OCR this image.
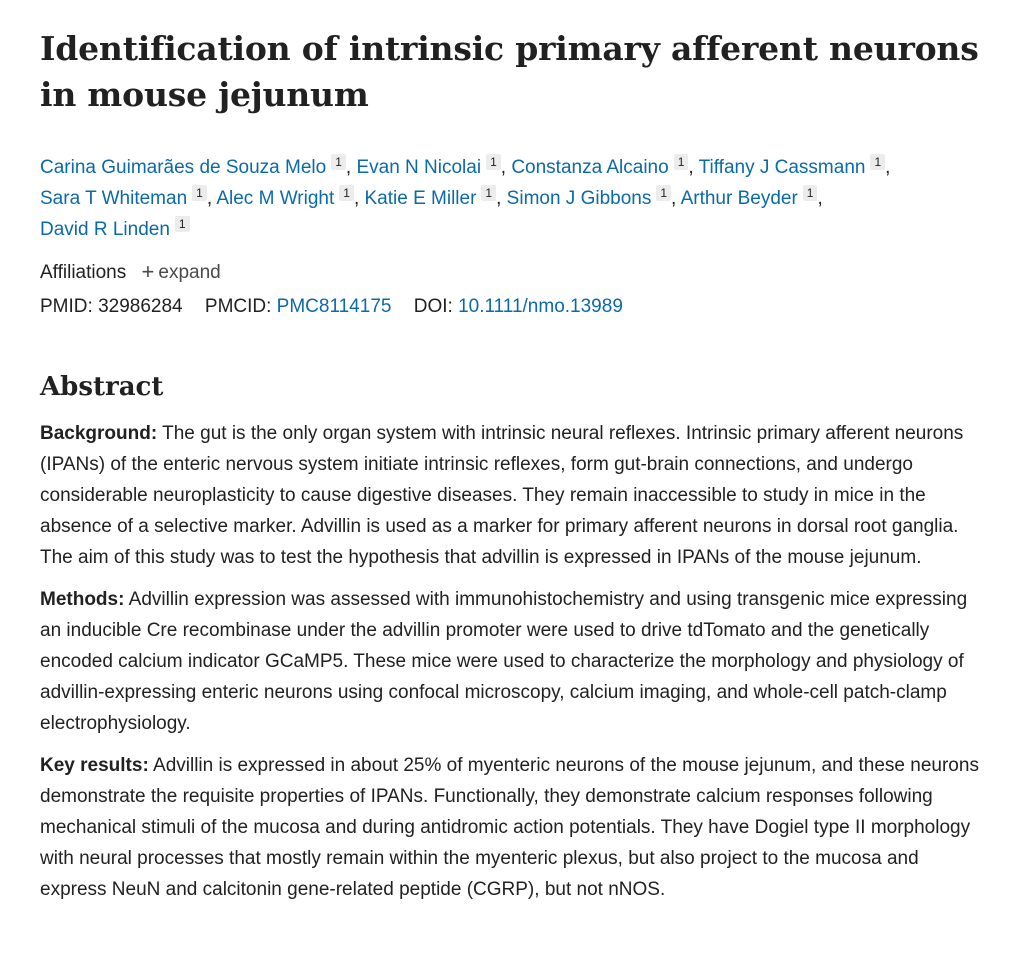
Identification of intrinsic primary afferent neurons
in mouse jejunum
Carina Guimarães de Souza Melo 1 , Evan N Nicolai 1 , Constanza Alcaino 1 , Tiffany J Cassmann 1 ,
Sara T Whiteman 1 , Alec M Wright 1 , Katie E Miller 1 , Simon J Gibbons 1 , Arthur Beyder 1 ,
David R Linden 1
Affiliations + expand
PMID: 32986284 PMCID: PMC8114175 DOI: 10.1111/nmo.13989
Abstract

Background: The gut is the only organ system with intrinsic neural reflexes. Intrinsic primary afferent neurons (IPANs) of the enteric nervous system initiate intrinsic reflexes, form gut-brain connections, and undergo considerable neuroplasticity to cause digestive diseases. They remain inaccessible to study in mice in the absence of a selective marker. Advillin is used as a marker for primary afferent neurons in dorsal root ganglia. The aim of this study was to test the hypothesis that advillin is expressed in IPANs of the mouse jejunum.

Methods: Advillin expression was assessed with immunohistochemistry and using transgenic mice expressing an inducible Cre recombinase under the advillin promoter were used to drive tdTomato and the genetically encoded calcium indicator GCaMP5. These mice were used to characterize the morphology and physiology of advillin-expressing enteric neurons using confocal microscopy, calcium imaging, and whole-cell patch-clamp electrophysiology.

Key results: Advillin is expressed in about 25% of myenteric neurons of the mouse jejunum, and these neurons demonstrate the requisite properties of IPANs. Functionally, they demonstrate calcium responses following mechanical stimuli of the mucosa and during antidromic action potentials. They have Dogiel type II morphology with neural processes that mostly remain within the myenteric plexus, but also project to the mucosa and express NeuN and calcitonin gene-related peptide (CGRP), but not nNOS.
